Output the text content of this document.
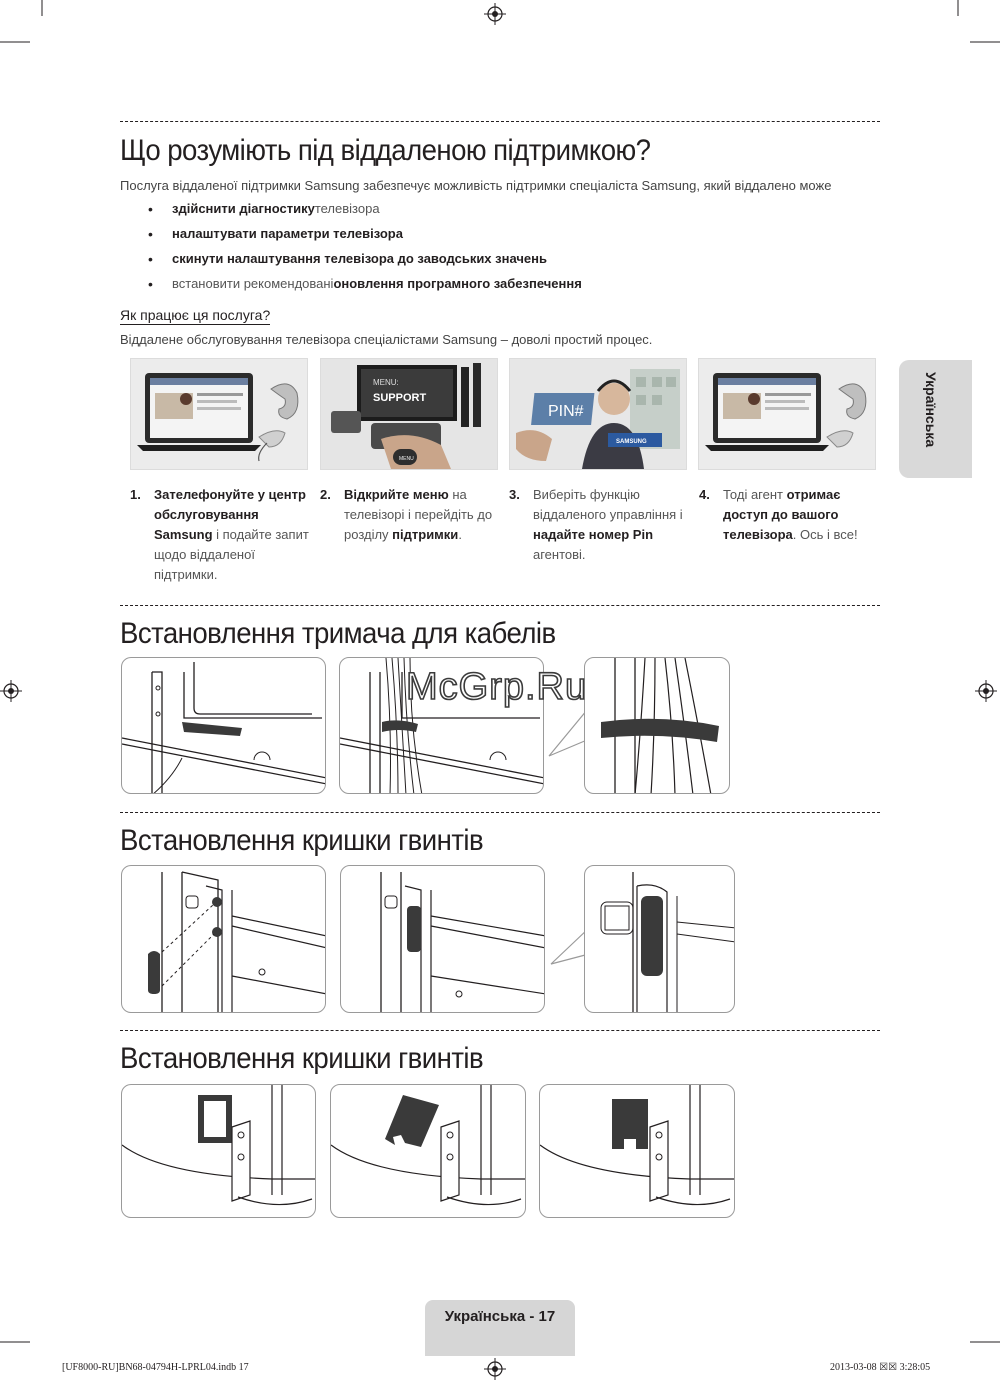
Що розуміють під віддаленою підтримкою?
Послуга віддаленої підтримки Samsung забезпечує можливість підтримки спеціаліста Samsung, який віддалено може
•	здійснити діагностику телевізора
•	налаштувати параметри телевізора
•	скинути налаштування телевізора до заводських значень
•	встановити рекомендовані оновлення програмного забезпечення
Як працює ця послуга?
Віддалене обслуговування телевізора спеціалістами Samsung – доволі простий процес.
MENU:
SUPPORT
MENU
PIN#
SAMSUNG
1. Зателефонуйте у центр обслуговування Samsung і подайте запит щодо віддаленої підтримки.
2. Відкрийте меню на телевізорі і перейдіть до розділу підтримки.
3. Виберіть функцію віддаленого управління і надайте номер Pin агентові.
4. Тоді агент отримає доступ до вашого телевізора. Ось і все!
Українська
Встановлення тримача для кабелів
McGrp.Ru
Встановлення кришки гвинтів
Встановлення кришки гвинтів
Українська - 17
[UF8000-RU]BN68-04794H-LPRL04.indb 17	2013-03-08 ☒☒ 3:28:05
